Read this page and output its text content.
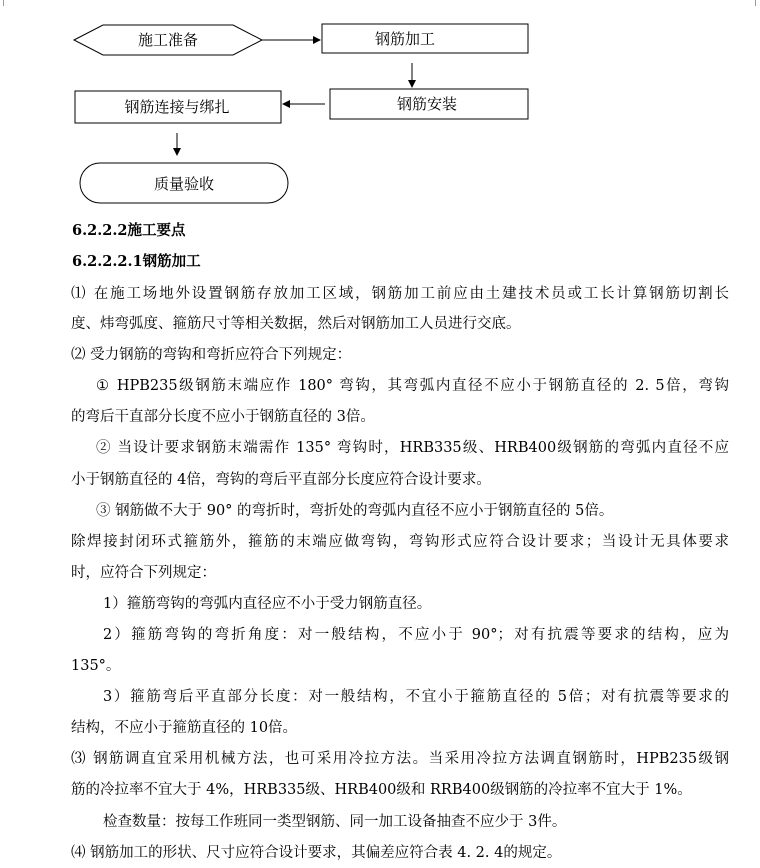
施工准备	钢筋加工
钢筋安装
钢筋连接与绑扎
质量验收
6.2.2.2施工要点
6.2.2.2.1钢筋加工
⑴ 在施工场地外设置钢筋存放加工区域，钢筋加工前应由土建技术员或工长计算钢筋切割长
度、炜弯弧度、箍筋尺寸等相关数据，然后对钢筋加工人员进行交底。
⑵ 受力钢筋的弯钩和弯折应符合下列规定：
① HPB235级钢筋末端应作 180° 弯钩，其弯弧内直径不应小于钢筋直径的 2. 5倍，弯钩
的弯后干直部分长度不应小于钢筋直径的 3倍。
② 当设计要求钢筋末端需作 135° 弯钩时，HRB335级、HRB400级钢筋的弯弧内直径不应
小于钢筋直径的 4倍，弯钩的弯后平直部分长度应符合设计要求。
③ 钢筋做不大于 90° 的弯折时，弯折处的弯弧内直径不应小于钢筋直径的 5倍。
除焊接封闭环式箍筋外，箍筋的末端应做弯钩，弯钩形式应符合设计要求；当设计无具体要求
时，应符合下列规定：
1）箍筋弯钩的弯弧内直径应不小于受力钢筋直径。
2）箍筋弯钩的弯折角度：对一般结构，不应小于 90°；对有抗震等要求的结构，应为
135°。
3）箍筋弯后平直部分长度：对一般结构，不宜小于箍筋直径的 5倍；对有抗震等要求的
结构，不应小于箍筋直径的 10倍。
⑶ 钢筋调直宜采用机械方法，也可采用冷拉方法。当采用冷拉方法调直钢筋时，HPB235级钢
筋的冷拉率不宜大于 4%，HRB335级、HRB400级和 RRB400级钢筋的冷拉率不宜大于 1%。
检查数量：按每工作班同一类型钢筋、同一加工设备抽查不应少于 3件。
⑷ 钢筋加工的形状、尺寸应符合设计要求，其偏差应符合表 4. 2. 4的规定。
